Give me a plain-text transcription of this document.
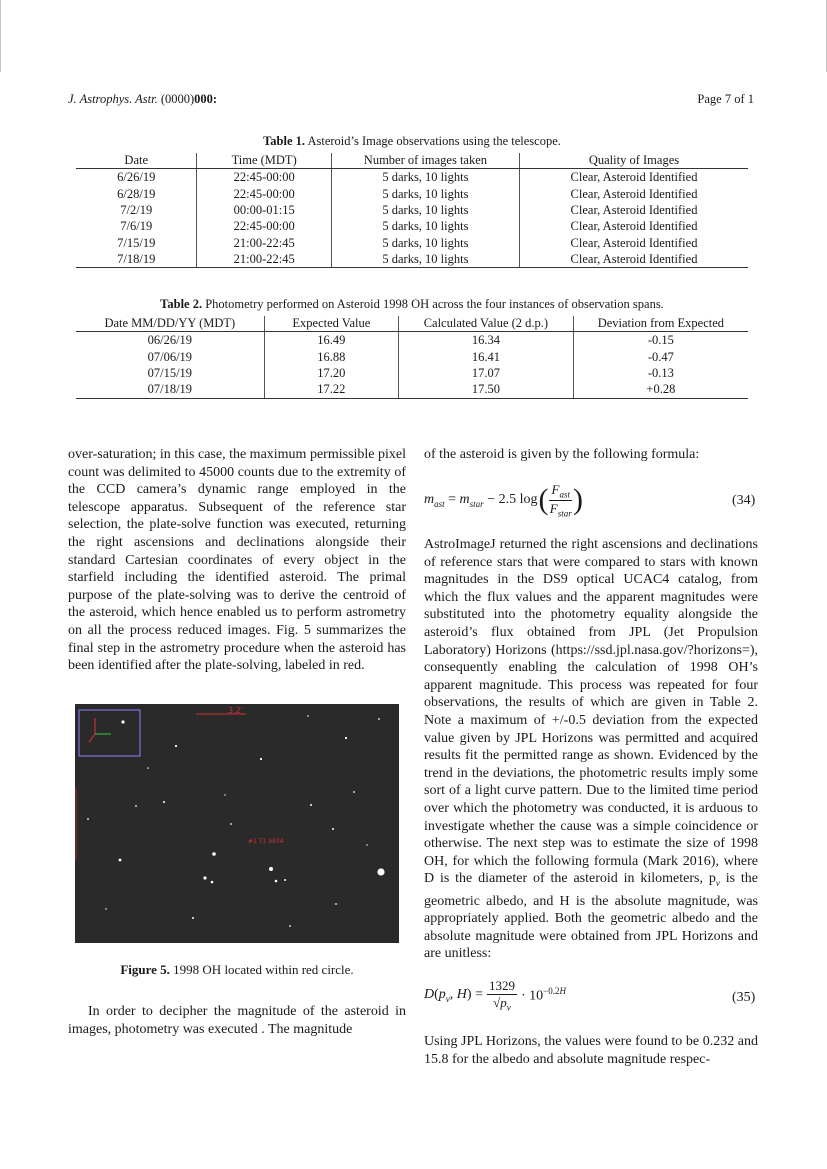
J. Astrophys. Astr. (0000)000:	Page 7 of 1
Table 1. Asteroid’s Image observations using the telescope.
Date	Time (MDT)	Number of images taken	Quality of Images
6/26/19	22:45-00:00	5 darks, 10 lights	Clear, Asteroid Identified
6/28/19	22:45-00:00	5 darks, 10 lights	Clear, Asteroid Identified
7/2/19	00:00-01:15	5 darks, 10 lights	Clear, Asteroid Identified
7/6/19	22:45-00:00	5 darks, 10 lights	Clear, Asteroid Identified
7/15/19	21:00-22:45	5 darks, 10 lights	Clear, Asteroid Identified
7/18/19	21:00-22:45	5 darks, 10 lights	Clear, Asteroid Identified
Table 2. Photometry performed on Asteroid 1998 OH across the four instances of observation spans.
Date MM/DD/YY (MDT)	Expected Value	Calculated Value (2 d.p.)	Deviation from Expected
06/26/19	16.49	16.34	-0.15
07/06/19	16.88	16.41	-0.47
07/15/19	17.20	17.07	-0.13
07/18/19	17.22	17.50	+0.28

over-saturation; in this case, the maximum permissible pixel count was delimited to 45000 counts due to the extremity of the CCD camera’s dynamic range employed in the telescope apparatus. Subsequent of the reference star selection, the plate-solve function was executed, returning the right ascensions and declinations alongside their standard Cartesian coordinates of every object in the starfield including the identified asteroid. The primal purpose of the plate-solving was to derive the centroid of the asteroid, which hence enabled us to perform astrometry on all the process reduced images. Fig. 5 summarizes the final step in the astrometry procedure when the asteroid has been identified after the plate-solving, labeled in red.

3.2'
#1 T1 9934
Figure 5. 1998 OH located within red circle.

In order to decipher the magnitude of the asteroid in images, photometry was executed . The magnitude

of the asteroid is given by the following formula:

$m_{ast} = m_{star} - 2.5$ log ( $\frac{F_{ast}}{F_{star}}$ )	(34)

AstroImageJ returned the right ascensions and declinations of reference stars that were compared to stars with known magnitudes in the DS9 optical UCAC4 catalog, from which the flux values and the apparent magnitudes were substituted into the photometry equality alongside the asteroid’s flux obtained from JPL (Jet Propulsion Laboratory) Horizons (https://ssd.jpl.nasa.gov/?horizons=), consequently enabling the calculation of 1998 OH’s apparent magnitude. This process was repeated for four observations, the results of which are given in Table 2. Note a maximum of +/-0.5 deviation from the expected value given by JPL Horizons was permitted and acquired results fit the permitted range as shown. Evidenced by the trend in the deviations, the photometric results imply some sort of a light curve pattern. Due to the limited time period over which the photometry was conducted, it is arduous to investigate whether the cause was a simple coincidence or otherwise. The next step was to estimate the size of 1998 OH, for which the following formula (Mark 2016), where D is the diameter of the asteroid in kilometers, $p_v$ is the geometric albedo, and H is the absolute magnitude, was appropriately applied. Both the geometric albedo and the absolute magnitude were obtained from JPL Horizons and are unitless:

$D(p_v$, $H) = \frac{1329}{√p_v} \cdot 10^{-0.2H}$	(35)

Using JPL Horizons, the values were found to be 0.232 and 15.8 for the albedo and absolute magnitude respec-
